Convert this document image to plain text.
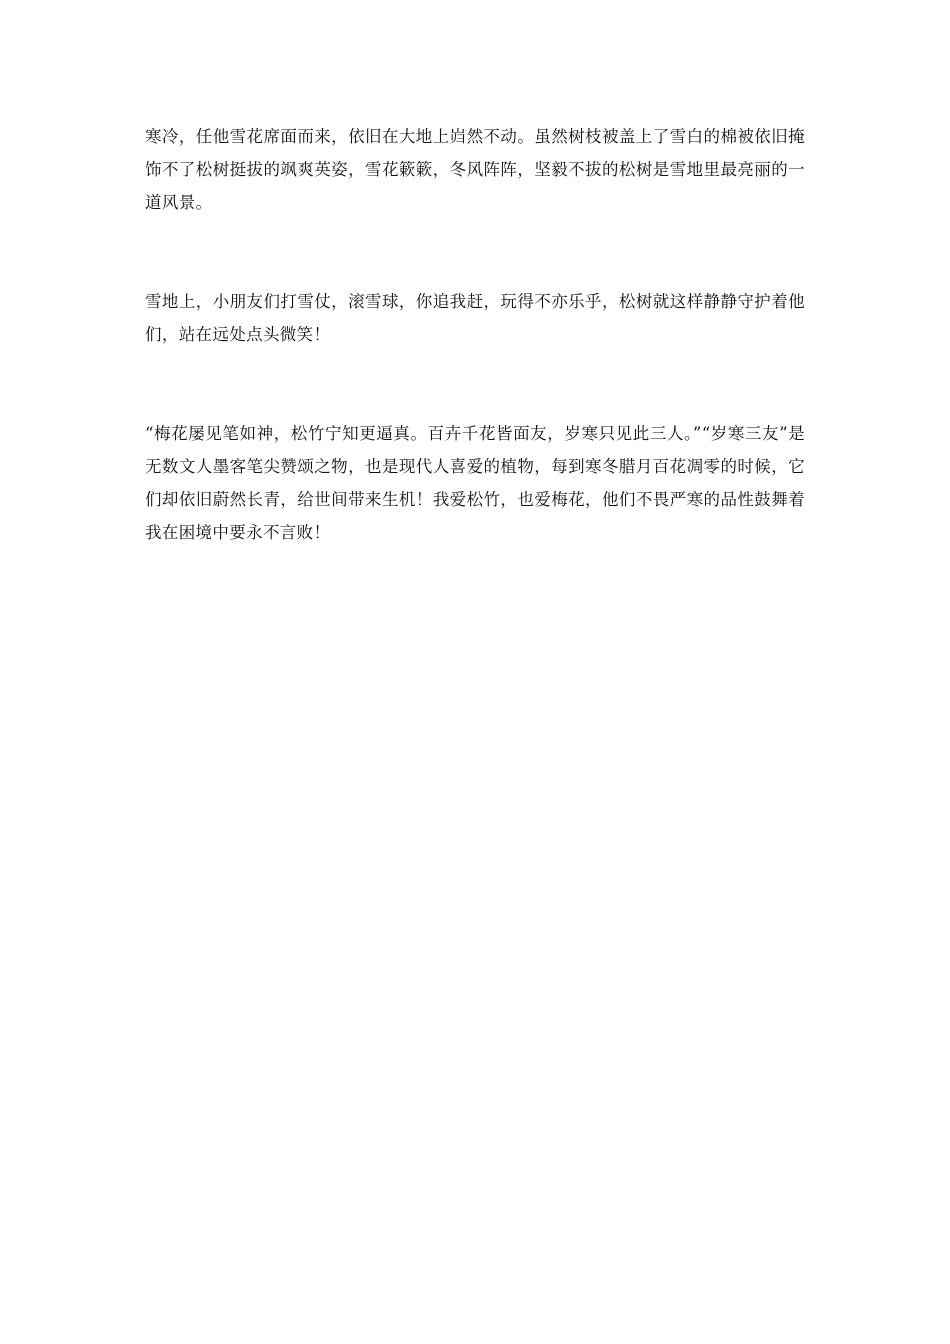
寒冷，任他雪花席面而来，依旧在大地上岿然不动。虽然树枝被盖上了雪白的棉被依旧掩饰不了松树挺拔的飒爽英姿，雪花簌簌，冬风阵阵，坚毅不拔的松树是雪地里最亮丽的一道风景。

雪地上，小朋友们打雪仗，滚雪球，你追我赶，玩得不亦乐乎，松树就这样静静守护着他们，站在远处点头微笑！

“梅花屡见笔如神，松竹宁知更逼真。百卉千花皆面友，岁寒只见此三人。”“岁寒三友”是无数文人墨客笔尖赞颂之物，也是现代人喜爱的植物，每到寒冬腊月百花凋零的时候，它们却依旧蔚然长青，给世间带来生机！我爱松竹，也爱梅花，他们不畏严寒的品性鼓舞着我在困境中要永不言败！
